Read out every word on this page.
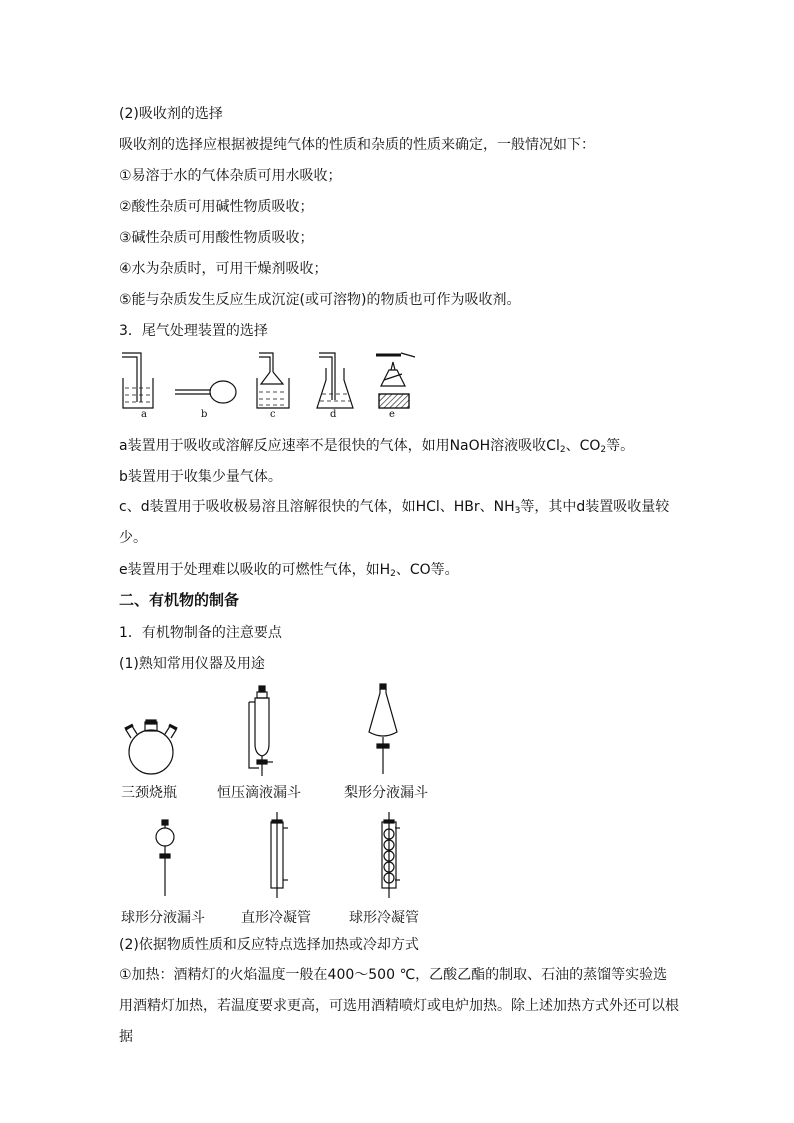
(2)吸收剂的选择
吸收剂的选择应根据被提纯气体的性质和杂质的性质来确定，一般情况如下：
①易溶于水的气体杂质可用水吸收；
②酸性杂质可用碱性物质吸收；
③碱性杂质可用酸性物质吸收；
④水为杂质时，可用干燥剂吸收；
⑤能与杂质发生反应生成沉淀(或可溶物)的物质也可作为吸收剂。
3．尾气处理装置的选择
a	b	c	d	e
a装置用于吸收或溶解反应速率不是很快的气体，如用NaOH溶液吸收$Cl_2$、$CO_2$等。
b装置用于收集少量气体。
c、d装置用于吸收极易溶且溶解很快的气体，如HCl、HBr、$NH_3$等，其中d装置吸收量较少。
e装置用于处理难以吸收的可燃性气体，如$H_2$、CO等。
二、有机物的制备
1．有机物制备的注意要点
(1)熟知常用仪器及用途
三颈烧瓶	恒压滴液漏斗	梨形分液漏斗
球形分液漏斗	直形冷凝管	球形冷凝管
(2)依据物质性质和反应特点选择加热或冷却方式
①加热：酒精灯的火焰温度一般在400～500 ℃，乙酸乙酯的制取、石油的蒸馏等实验选用酒精灯加热，若温度要求更高，可选用酒精喷灯或电炉加热。除上述加热方式外还可以根据
